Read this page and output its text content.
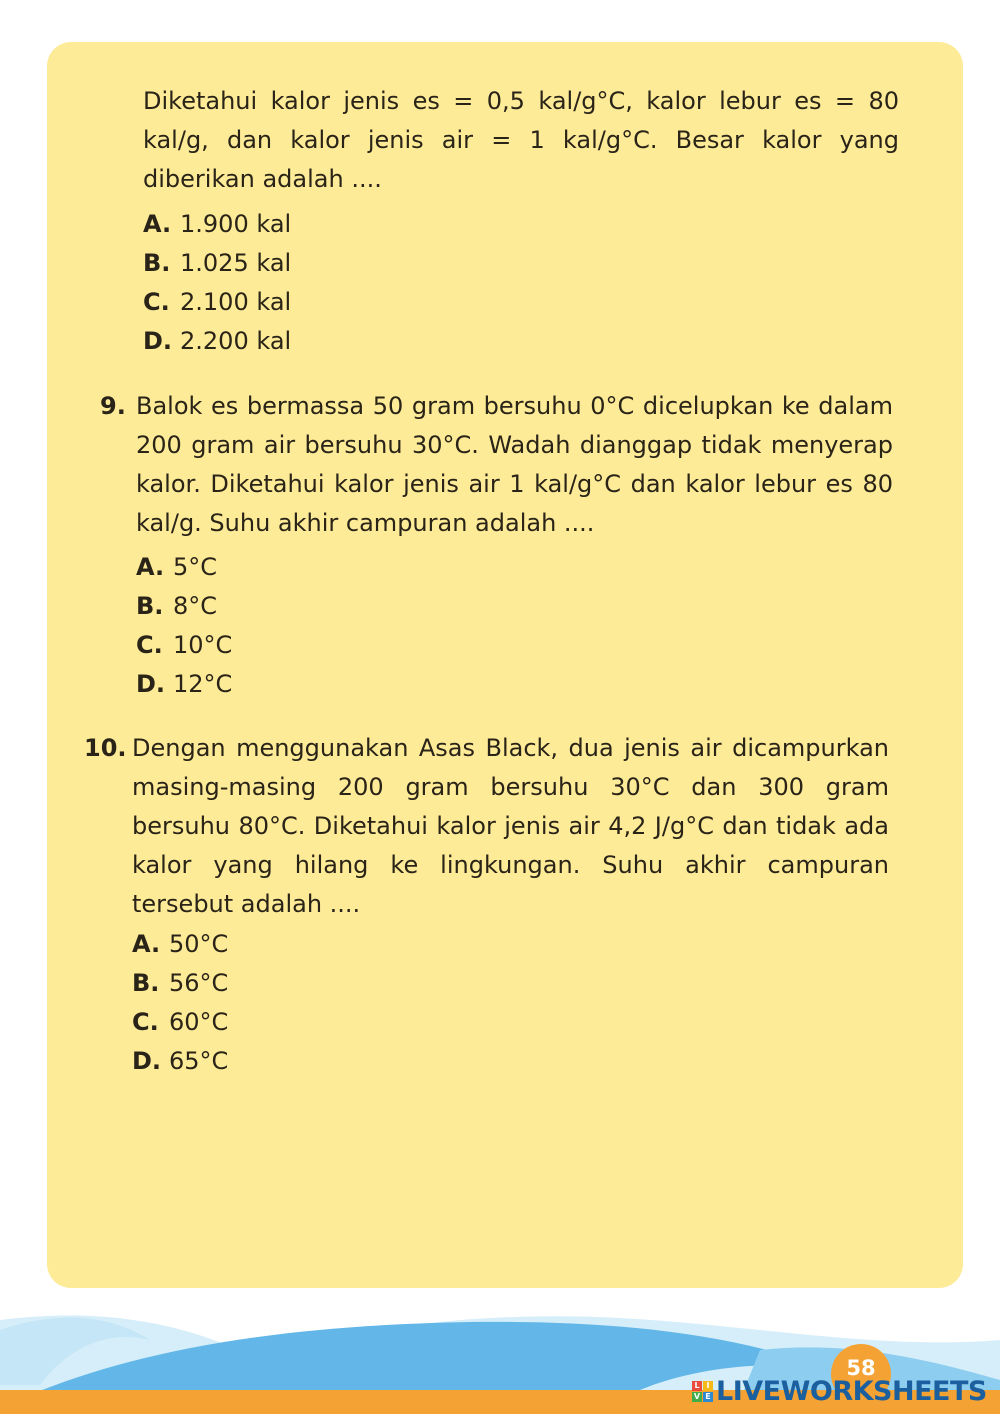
Diketahui kalor jenis es = 0,5 kal/g°C, kalor lebur es = 80 kal/g, dan kalor jenis air = 1 kal/g°C. Besar kalor yang diberikan adalah ....

A. 1.900 kal
B. 1.025 kal
C. 2.100 kal
D. 2.200 kal
9. Balok es bermassa 50 gram bersuhu 0°C dicelupkan ke dalam 200 gram air bersuhu 30°C. Wadah dianggap tidak menyerap kalor. Diketahui kalor jenis air 1 kal/g°C dan kalor lebur es 80 kal/g. Suhu akhir campuran adalah ....

A. 5°C
B. 8°C
C. 10°C
D. 12°C
10. Dengan menggunakan Asas Black, dua jenis air dicampurkan masing-masing 200 gram bersuhu 30°C dan 300 gram bersuhu 80°C. Diketahui kalor jenis air 4,2 J/g°C dan tidak ada kalor yang hilang ke lingkungan. Suhu akhir campuran tersebut adalah ....

A. 50°C
B. 56°C
C. 60°C
D. 65°C
58
L I
V E LIVEWORKSHEETS
